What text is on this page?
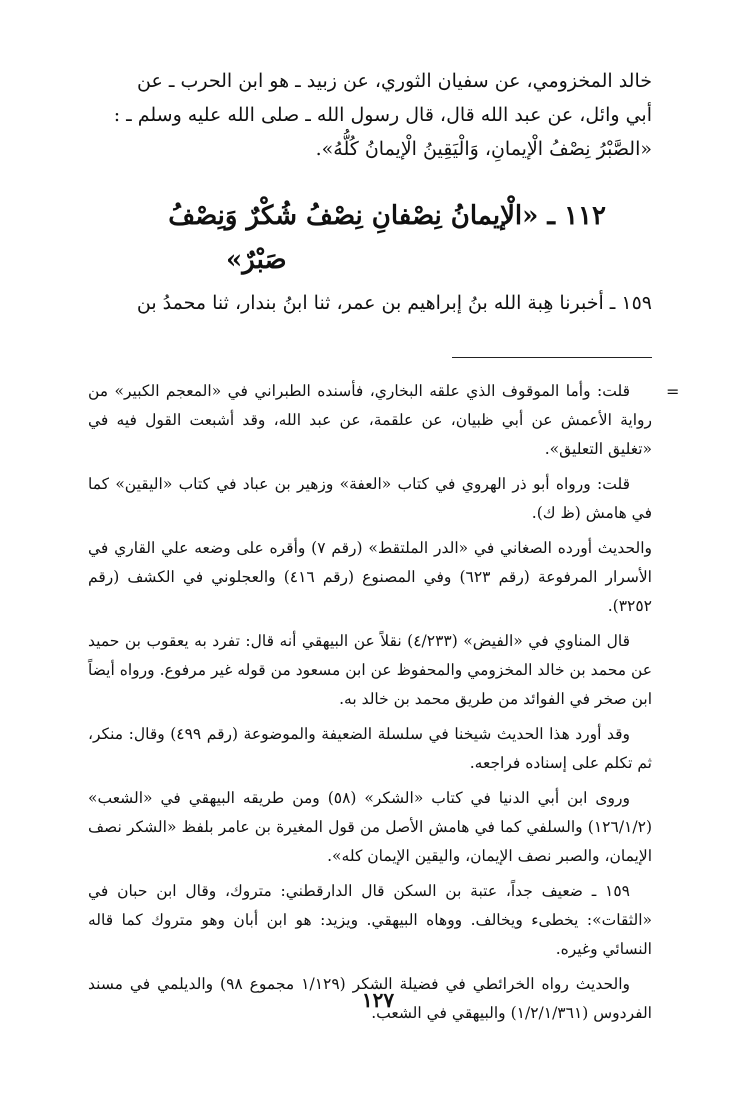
خالد المخزومي، عن سفيان الثوري، عن زبيد ـ هو ابن الحرب ـ عن

أبي وائل، عن عبد الله قال، قال رسول الله ـ صلى الله عليه وسلم ـ :

«الصَّبْرُ نِصْفُ الْإيمانِ، وَالْيَقِينُ الْإيمانُ كُلُّهُ».

١١٢ ـ «الْإيمانُ نِصْفانِ نِصْفُ شُكْرٌ وَنِصْفُ
صَبْرٌ»
١٥٩ ـ أخبرنا هِبة الله بنُ إبراهيم بن عمر، ثنا ابنُ بندار، ثنا محمدُ بن
=

قلت: وأما الموقوف الذي علقه البخاري، فأسنده الطبراني في «المعجم الكبير» من رواية الأعمش عن أبي ظبيان، عن علقمة، عن عبد الله، وقد أشبعت القول فيه في «تغليق التعليق».

قلت: ورواه أبو ذر الهروي في كتاب «العفة» وزهير بن عباد في كتاب «اليقين» كما في هامش (ظ ك).

والحديث أورده الصغاني في «الدر الملتقط» (رقم ٧) وأقره على وضعه علي القاري في الأسرار المرفوعة (رقم ٦٢٣) وفي المصنوع (رقم ٤١٦) والعجلوني في الكشف (رقم ٣٢٥٢).

قال المناوي في «الفيض» (٤/٢٣٣) نقلاً عن البيهقي أنه قال: تفرد به يعقوب بن حميد عن محمد بن خالد المخزومي والمحفوظ عن ابن مسعود من قوله غير مرفوع. ورواه أيضاً ابن صخر في الفوائد من طريق محمد بن خالد به.

وقد أورد هذا الحديث شيخنا في سلسلة الضعيفة والموضوعة (رقم ٤٩٩) وقال: منكر، ثم تكلم على إسناده فراجعه.

وروى ابن أبي الدنيا في كتاب «الشكر» (٥٨) ومن طريقه البيهقي في «الشعب» (١٢٦/١/٢) والسلفي كما في هامش الأصل من قول المغيرة بن عامر بلفظ «الشكر نصف الإيمان، والصبر نصف الإيمان، واليقين الإيمان كله».

١٥٩ ـ ضعيف جداً، عتبة بن السكن قال الدارقطني: متروك، وقال ابن حبان في «الثقات»: يخطىء ويخالف. ووهاه البيهقي. ويزيد: هو ابن أبان وهو متروك كما قاله النسائي وغيره.

والحديث رواه الخرائطي في فضيلة الشكر (١/١٢٩ مجموع ٩٨) والديلمي في مسند الفردوس (١/٢/١/٣٦١) والبيهقي في الشعب.

١٢٧
